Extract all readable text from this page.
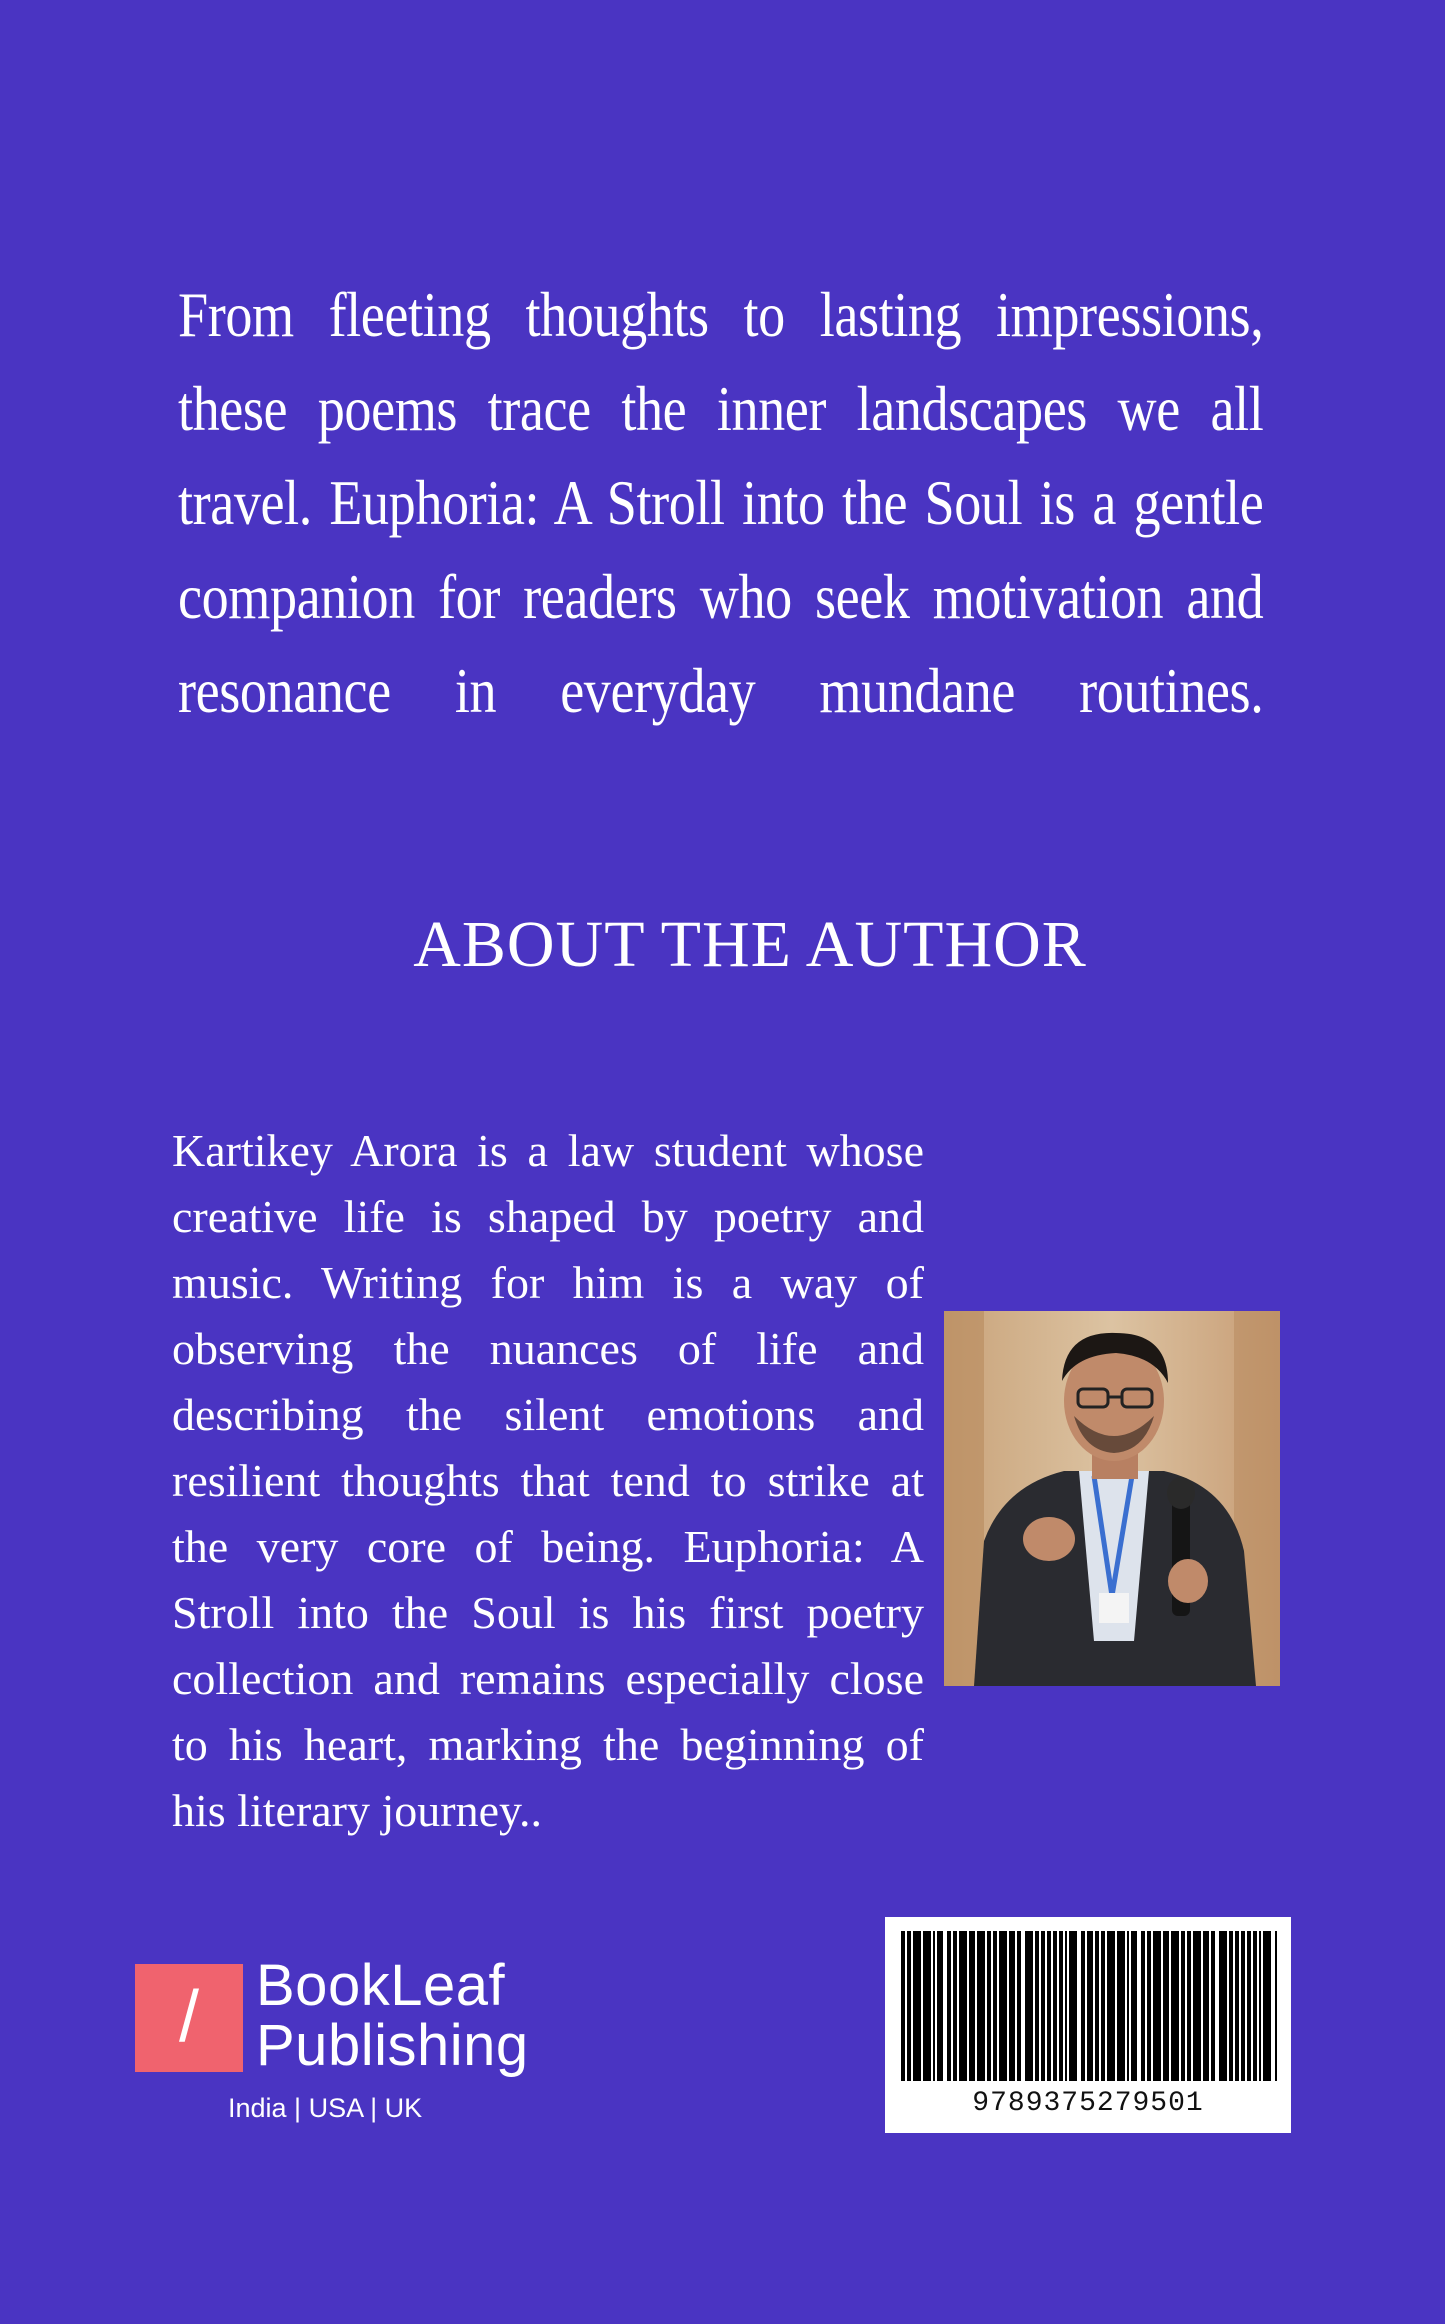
From fleeting thoughts to lasting impressions,
these poems trace the inner landscapes we all
travel. Euphoria: A Stroll into the Soul is a gentle
companion for readers who seek motivation and
resonance in everyday mundane routines.
ABOUT THE AUTHOR
Kartikey Arora is a law student whose creative life is shaped by poetry and music. Writing for him is a way of observing the nuances of life and describing the silent emotions and resilient thoughts that tend to strike at the very core of being. Euphoria: A Stroll into the Soul is his first poetry collection and remains especially close to his heart, marking the beginning of his literary journey..
/ BookLeaf
Publishing
India | USA | UK	9789375279501
